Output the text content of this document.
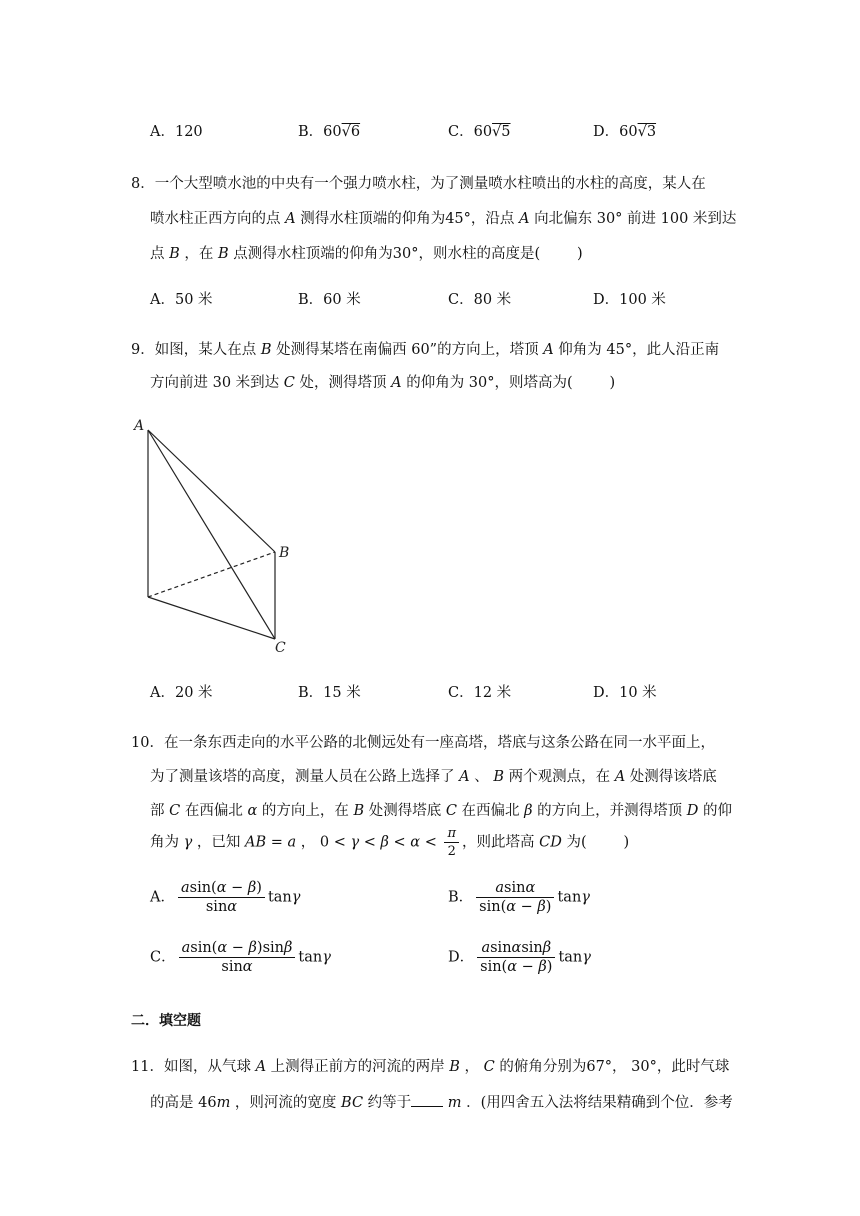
A．120	B．60√6	C．60√5	D．60√3
8．一个大型喷水池的中央有一个强力喷水柱，为了测量喷水柱喷出的水柱的高度，某人在
喷水柱正西方向的点 A 测得水柱顶端的仰角为45°，沿点 A 向北偏东 30° 前进 100 米到达
点 B ，在 B 点测得水柱顶端的仰角为30°，则水柱的高度是(        )
A．50 米	B．60 米	C．80 米	D．100 米
9．如图，某人在点 B 处测得某塔在南偏西 60”的方向上，塔顶 A 仰角为 45°，此人沿正南
方向前进 30 米到达 C 处，测得塔顶 A 的仰角为 30°，则塔高为(        )
A
B
C
A．20 米	B．15 米	C．12 米	D．10 米
10．在一条东西走向的水平公路的北侧远处有一座高塔，塔底与这条公路在同一水平面上，
为了测量该塔的高度，测量人员在公路上选择了 A 、 B 两个观测点，在 A 处测得该塔底
部 C 在西偏北 α 的方向上，在 B 处测得塔底 C 在西偏北 β 的方向上，并测得塔顶 D 的仰
角为 γ ，已知 AB = a ， $0 < \gamma < \beta < \alpha < \frac{\pi}{2}$ ，则此塔高 CD 为(        )
A． $\frac{asin(\alpha - \beta)}{\sin\alpha}$ tanγ	B． $\frac{asin\alpha}{\sin(\alpha - \beta)}$ tanγ
C． $\frac{asin(\alpha - \beta)\sin\beta}{\sin\alpha}$ tanγ	D． $\frac{asin\alpha\sin\beta}{\sin(\alpha - \beta)}$ tanγ
二．填空题
11．如图，从气球 A 上测得正前方的河流的两岸 B ， C 的俯角分别为67°， 30°，此时气球
的高是 46m ，则河流的宽度 BC 约等于	m ．(用四舍五入法将结果精确到个位．参考
